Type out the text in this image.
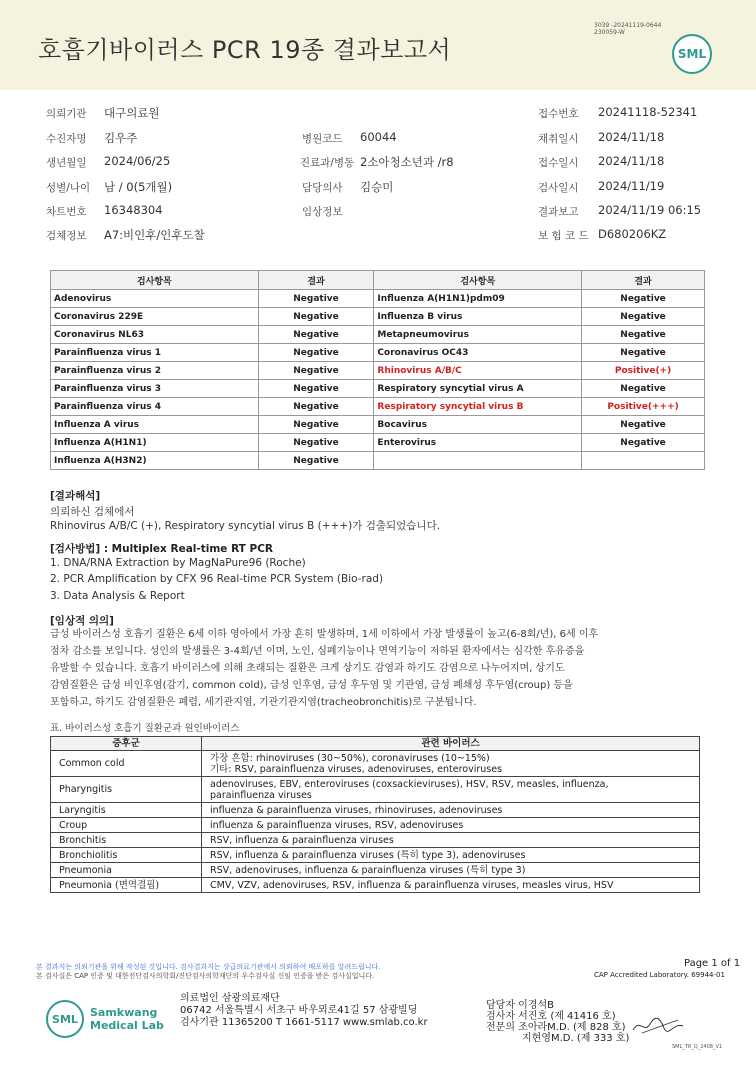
호흡기바이러스 PCR 19종 결과보고서
3039 -20241119-0644
230059-W
SML
의뢰기관 대구의료원	접수번호 20241118-52341
수진자명 김우주	병원코드 60044	채취일시 2024/11/18
생년월일 2024/06/25	진료과/병동 2소아청소년과 /r8	접수일시 2024/11/18
성별/나이 남 / 0(5개월)	담당의사 김승미	검사일시 2024/11/19
차트번호 16348304	임상정보	결과보고 2024/11/19 06:15
검체정보 A7:비인후/인후도찰	보 험 코 드 D680206KZ
검사항목	결과	검사항목	결과
Adenovirus	Negative	Influenza A(H1N1)pdm09	Negative
Coronavirus 229E	Negative	Influenza B virus	Negative
Coronavirus NL63	Negative	Metapneumovirus	Negative
Parainfluenza virus 1	Negative	Coronavirus OC43	Negative
Parainfluenza virus 2	Negative	Rhinovirus A/B/C	Positive(+)
Parainfluenza virus 3	Negative	Respiratory syncytial virus A	Negative
Parainfluenza virus 4	Negative	Respiratory syncytial virus B	Positive(+++)
Influenza A virus	Negative	Bocavirus	Negative
Influenza A(H1N1)	Negative	Enterovirus	Negative
Influenza A(H3N2)	Negative		
[결과해석]
의뢰하신 검체에서
Rhinovirus A/B/C (+), Respiratory syncytial virus B (+++)가 검출되었습니다.
[검사방법] : Multiplex Real-time RT PCR
1. DNA/RNA Extraction by MagNaPure96 (Roche)
2. PCR Amplification by CFX 96 Real-time PCR System (Bio-rad)
3. Data Analysis & Report
[임상적 의의]
급성 바이러스성 호흡기 질환은 6세 이하 영아에서 가장 흔히 발생하며, 1세 이하에서 가장 발생률이 높고(6-8회/년), 6세 이후
점차 감소를 보입니다. 성인의 발생률은 3-4회/년 이며, 노인, 심폐기능이나 면역기능이 저하된 환자에서는 심각한 후유증을
유발할 수 있습니다. 호흡기 바이러스에 의해 초래되는 질환은 크게 상기도 감염과 하기도 감염으로 나누어지며, 상기도
감염질환은 급성 비인후염(감기, common cold), 급성 인후염, 급성 후두염 및 기관염, 급성 폐쇄성 후두염(croup) 등을
포함하고, 하기도 감염질환은 폐렴, 세기관지염, 기관기관지염(tracheobronchitis)로 구분됩니다.
표. 바이러스성 호흡기 질환군과 원인바이러스
증후군	관련 바이러스
Common cold	가장 흔함: rhinoviruses (30~50%), coronaviruses (10~15%)
기타: RSV, parainfluenza viruses, adenoviruses, enteroviruses

Pharyngitis	adenoviruses, EBV, enteroviruses (coxsackieviruses), HSV, RSV, measles, influenza,
parainfluenza viruses

Laryngitis	influenza & parainfluenza viruses, rhinoviruses, adenoviruses

Croup	influenza & parainfluenza viruses, RSV, adenoviruses

Bronchitis	RSV, influenza & parainfluenza viruses

Bronchiolitis	RSV, influenza & parainfluenza viruses (특히 type 3), adenoviruses

Pneumonia	RSV, adenoviruses, influenza & parainfluenza viruses (특히 type 3)

Pneumonia (면역결핍)	CMV, VZV, adenoviruses, RSV, influenza & parainfluenza viruses, measles virus, HSV
본 결과지는 의뢰기관을 위해 작성된 것입니다. 검사결과지는 상급의료기관에서 의뢰하여 배포하를 알려드립니다.
본 검사실은 CAP 인증 및 대한진단검사의학회/진단검사의학재단의 우수검사실 신임 인증을 받은 검사실입니다.
Page 1 of 1
CAP Accredited Laboratory. 69944-01
SML
Samkwang
Medical Lab
의료법인 삼광의료재단
06742 서울특별시 서초구 바우뫼로41길 57 삼광빌딩
검사기관 11365200 T 1661-5117 www.smlab.co.kr
담당자 이경석B
검사자 서진호 (제 41416 호)
전문의 조아라M.D. (제 828 호)
지현영M.D. (제 333 호)
SML_TR_Q_2408_V1
